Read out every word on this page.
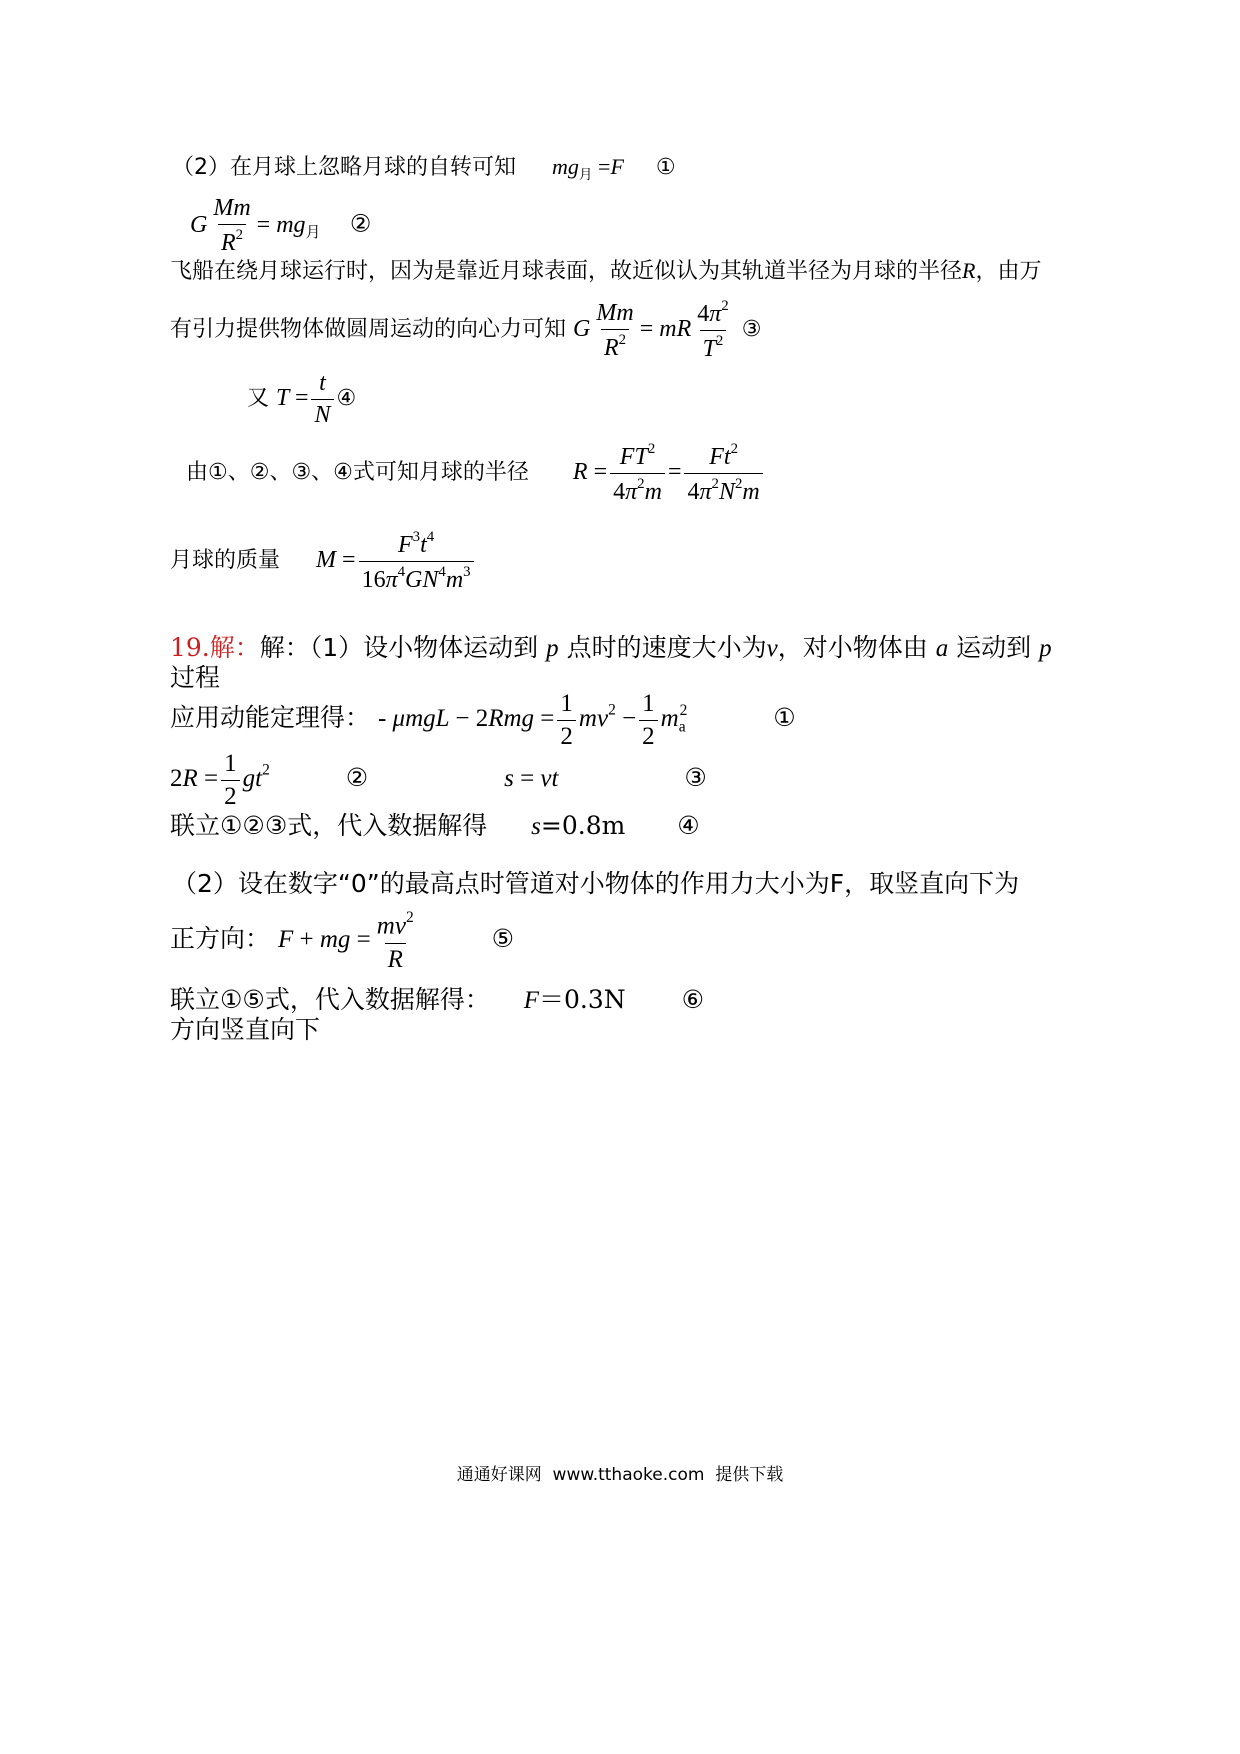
（2）在月球上忽略月球的自转可知 $mg_月 =F$ ①
G $\frac{Mm}{R^2} = mg_月$ ②
飞船在绕月球运行时，因为是靠近月球表面，故近似认为其轨道半径为月球的半径R，由万
有引力提供物体做圆周运动的向心力可知 G $\frac{Mm}{R^2}$ = mR $\frac{4\pi^2}{T^2}$ ③
又 $T = \frac{t}{N}$ ④
由①、②、③、④式可知月球的半径 $R = \frac{FT^2}{4\pi^2m} = \frac{Ft^2}{4\pi^2N^2m}$
月球的质量 $M = \frac{F^3t^4}{16\pi^4GN^4m^3}$
19.解：解：（1）设小物体运动到 p 点时的速度大小为v，对小物体由 a 运动到 p
过程
应用动能定理得： - $\mu mgL - 2Rmg = \frac{1}{2} mv^2 - \frac{1}{2} m_a^2$	①
$2R = \frac{1}{2} gt^2$	②	s = vt	③
联立①②③式，代入数据解得 s=0.8m ④
（2）设在数字“0”的最高点时管道对小物体的作用力大小为F，取竖直向下为
正方向： F + mg = $\frac{mv^2}{R}$	⑤
联立①⑤式，代入数据解得： F＝0.3N ⑥
方向竖直向下
通通好课网  www.tthaoke.com  提供下载
